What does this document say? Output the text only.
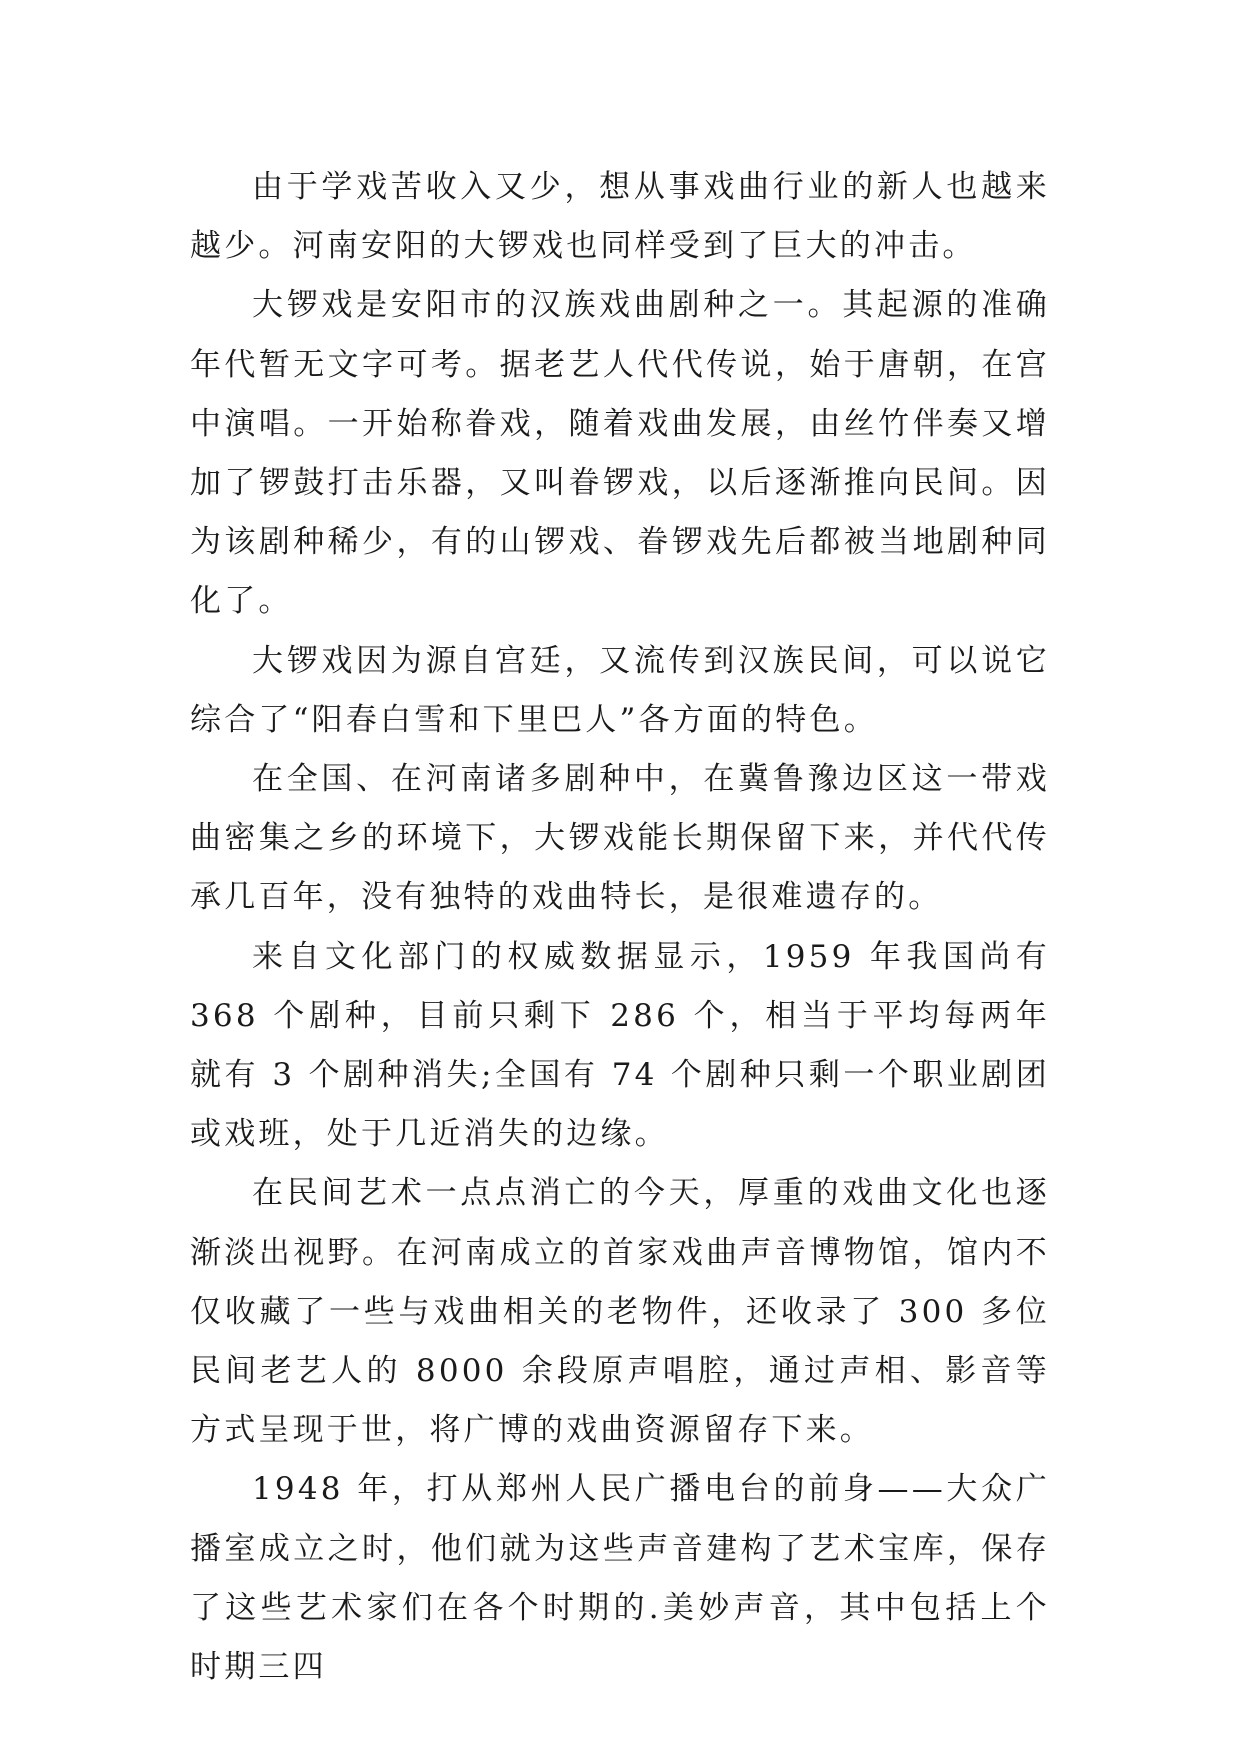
由于学戏苦收入又少，想从事戏曲行业的新人也越来越少。河南安阳的大锣戏也同样受到了巨大的冲击。

大锣戏是安阳市的汉族戏曲剧种之一。其起源的准确年代暂无文字可考。据老艺人代代传说，始于唐朝，在宫中演唱。一开始称眷戏，随着戏曲发展，由丝竹伴奏又增加了锣鼓打击乐器，又叫眷锣戏，以后逐渐推向民间。因为该剧种稀少，有的山锣戏、眷锣戏先后都被当地剧种同化了。

大锣戏因为源自宫廷，又流传到汉族民间，可以说它综合了“阳春白雪和下里巴人”各方面的特色。

在全国、在河南诸多剧种中，在冀鲁豫边区这一带戏曲密集之乡的环境下，大锣戏能长期保留下来，并代代传承几百年，没有独特的戏曲特长，是很难遗存的。

来自文化部门的权威数据显示，1959 年我国尚有 368 个剧种，目前只剩下 286 个，相当于平均每两年就有 3 个剧种消失;全国有 74 个剧种只剩一个职业剧团或戏班，处于几近消失的边缘。

在民间艺术一点点消亡的今天，厚重的戏曲文化也逐渐淡出视野。在河南成立的首家戏曲声音博物馆，馆内不仅收藏了一些与戏曲相关的老物件，还收录了 300 多位民间老艺人的 8000 余段原声唱腔，通过声相、影音等方式呈现于世，将广博的戏曲资源留存下来。

1948 年，打从郑州人民广播电台的前身——大众广播室成立之时，他们就为这些声音建构了艺术宝库，保存了这些艺术家们在各个时期的.美妙声音，其中包括上个时期三四
